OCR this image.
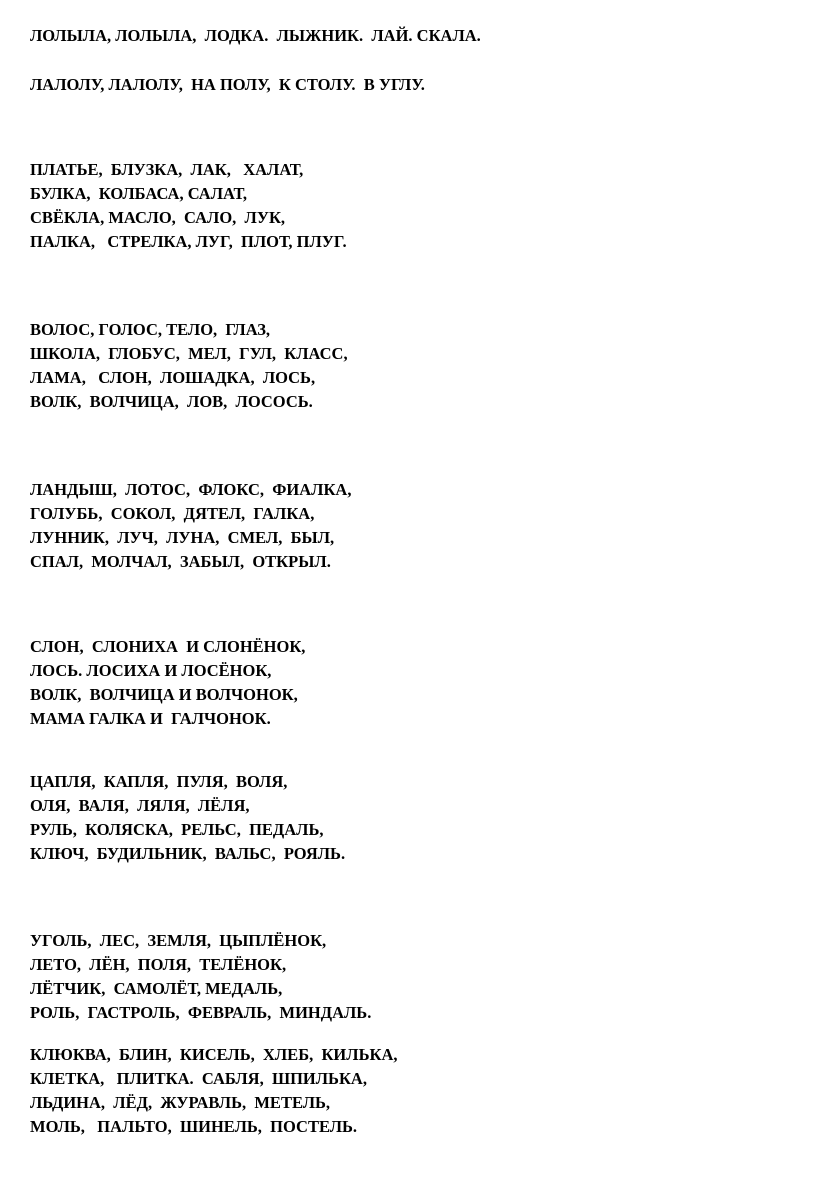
ЛОЛЫЛА, ЛОЛЫЛА,  ЛОДКА.  ЛЫЖНИК.  ЛАЙ. СКАЛА.

ЛАЛОЛУ, ЛАЛОЛУ,  НА ПОЛУ,  К СТОЛУ.  В УГЛУ.

ПЛАТЬЕ,  БЛУЗКА,  ЛАК,   ХАЛАТ,

БУЛКА,  КОЛБАСА, САЛАТ,

СВЁКЛА, МАСЛО,  САЛО,  ЛУК,

ПАЛКА,   СТРЕЛКА, ЛУГ,  ПЛОТ, ПЛУГ.

ВОЛОС, ГОЛОС, ТЕЛО,  ГЛАЗ,

ШКОЛА,  ГЛОБУС,  МЕЛ,  ГУЛ,  КЛАСС,

ЛАМА,   СЛОН,  ЛОШАДКА,  ЛОСЬ,

ВОЛК,  ВОЛЧИЦА,  ЛОВ,  ЛОСОСЬ.

ЛАНДЫШ,  ЛОТОС,  ФЛОКС,  ФИАЛКА,

ГОЛУБЬ,  СОКОЛ,  ДЯТЕЛ,  ГАЛКА,

ЛУННИК,  ЛУЧ,  ЛУНА,  СМЕЛ,  БЫЛ,

СПАЛ,  МОЛЧАЛ,  ЗАБЫЛ,  ОТКРЫЛ.

СЛОН,  СЛОНИХА  И СЛОНЁНОК,

ЛОСЬ. ЛОСИХА И ЛОСЁНОК,

ВОЛК,  ВОЛЧИЦА И ВОЛЧОНОК,

МАМА ГАЛКА И  ГАЛЧОНОК.

ЦАПЛЯ,  КАПЛЯ,  ПУЛЯ,  ВОЛЯ,

ОЛЯ,  ВАЛЯ,  ЛЯЛЯ,  ЛЁЛЯ,

РУЛЬ,  КОЛЯСКА,  РЕЛЬС,  ПЕДАЛЬ,

КЛЮЧ,  БУДИЛЬНИК,  ВАЛЬС,  РОЯЛЬ.

УГОЛЬ,  ЛЕС,  ЗЕМЛЯ,  ЦЫПЛЁНОК,

ЛЕТО,  ЛЁН,  ПОЛЯ,  ТЕЛЁНОК,

ЛЁТЧИК,  САМОЛЁТ, МЕДАЛЬ,

РОЛЬ,  ГАСТРОЛЬ,  ФЕВРАЛЬ,  МИНДАЛЬ.

КЛЮКВА,  БЛИН,  КИСЕЛЬ,  ХЛЕБ,  КИЛЬКА,

КЛЕТКА,   ПЛИТКА.  САБЛЯ,  ШПИЛЬКА,

ЛЬДИНА,  ЛЁД,  ЖУРАВЛЬ,  МЕТЕЛЬ,

МОЛЬ,   ПАЛЬТО,  ШИНЕЛЬ,  ПОСТЕЛЬ.
